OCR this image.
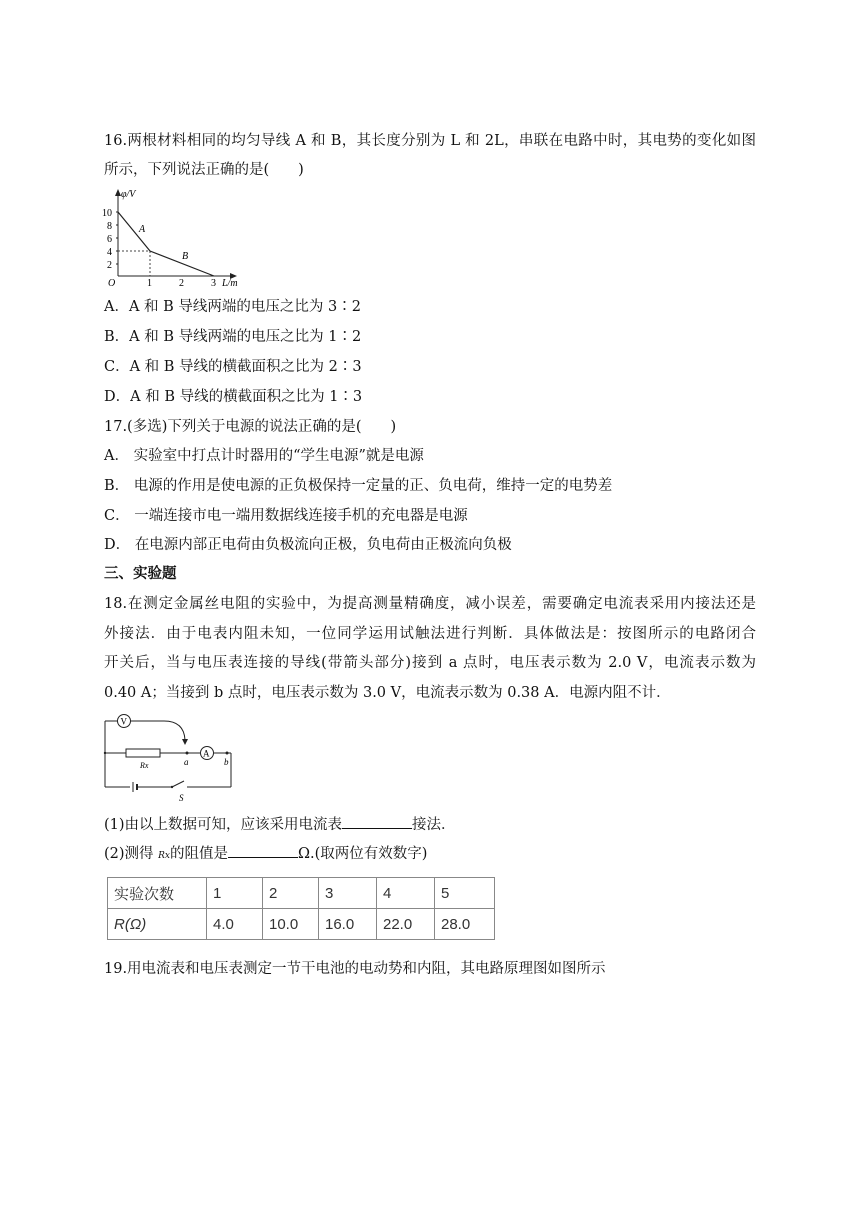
16.两根材料相同的均匀导线 A 和 B，其长度分别为 L 和 2L，串联在电路中时，其电势的变化如图
所示，下列说法正确的是(　　)
φ/V
10
8
6
4
2
O	1	2	3 L/m
A
B
A．A 和 B 导线两端的电压之比为 3∶2
B．A 和 B 导线两端的电压之比为 1∶2
C．A 和 B 导线的横截面积之比为 2∶3
D．A 和 B 导线的横截面积之比为 1∶3
17.(多选)下列关于电源的说法正确的是(　　)
A． 实验室中打点计时器用的“学生电源”就是电源
B． 电源的作用是使电源的正负极保持一定量的正、负电荷，维持一定的电势差
C． 一端连接市电一端用数据线连接手机的充电器是电源
D． 在电源内部正电荷由负极流向正极，负电荷由正极流向负极
三、实验题
18.在测定金属丝电阻的实验中，为提高测量精确度，减小误差，需要确定电流表采用内接法还是
外接法．由于电表内阻未知，一位同学运用试触法进行判断．具体做法是：按图所示的电路闭合
开关后，当与电压表连接的导线(带箭头部分)接到 a 点时，电压表示数为 2.0 V，电流表示数为
0.40 A；当接到 b 点时，电压表示数为 3.0 V，电流表示数为 0.38 A．电源内阻不计．
V
A
Rx	a	b
S
(1)由以上数据可知，应该采用电流表	接法．
(2)测得 Rx的阻值是	Ω.(取两位有效数字)
实验次数	1	2	3	4	5
R(Ω)	4.0	10.0	16.0	22.0	28.0
19.用电流表和电压表测定一节干电池的电动势和内阻，其电路原理图如图所示
